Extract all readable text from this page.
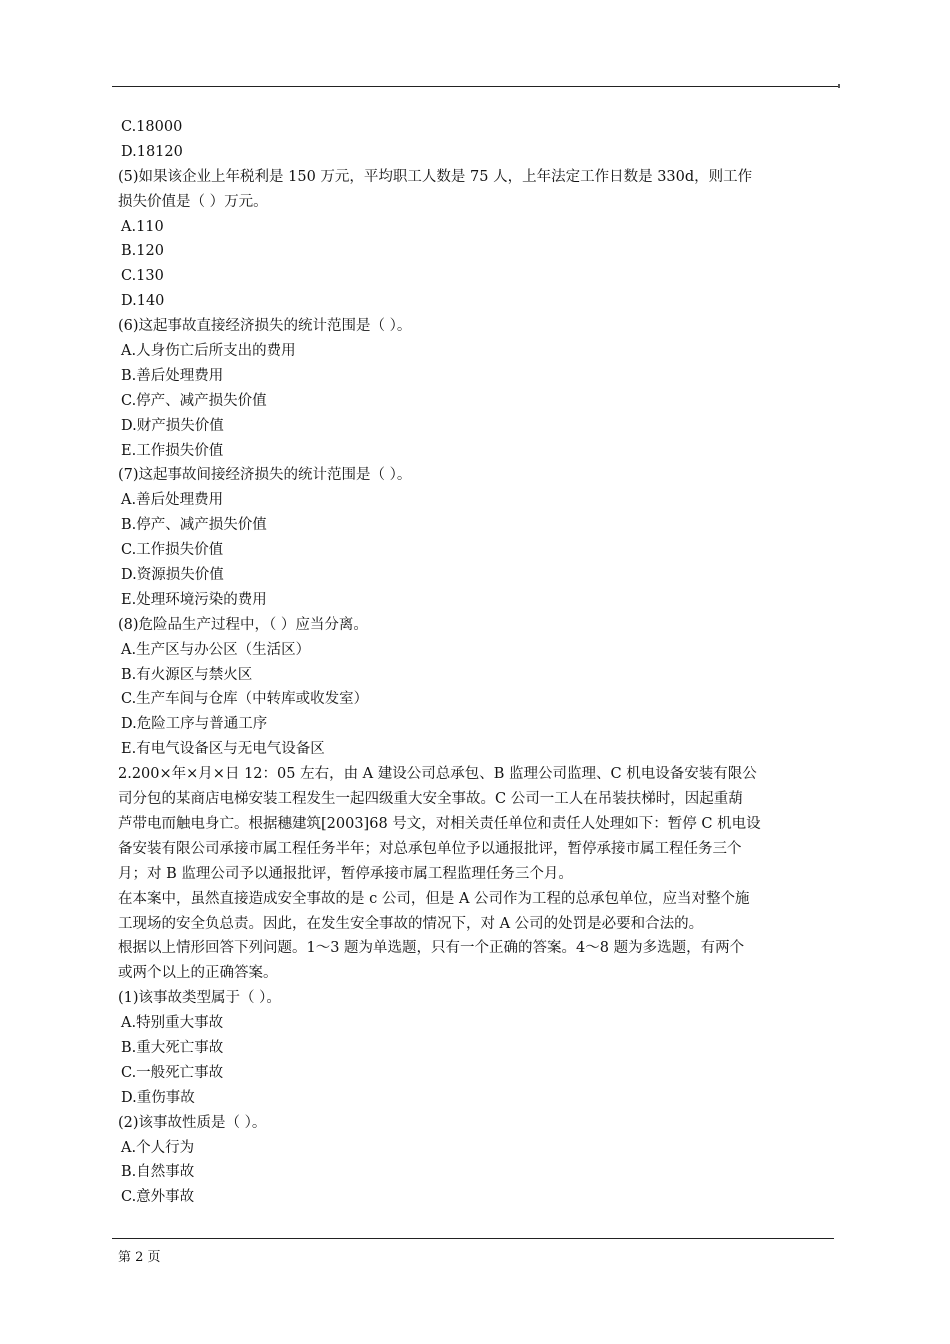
C.18000
D.18120
(5)如果该企业上年税利是 150 万元，平均职工人数是 75 人，上年法定工作日数是 330d，则工作
损失价值是（ ）万元。
A.110
B.120
C.130
D.140
(6)这起事故直接经济损失的统计范围是（ ）。
A.人身伤亡后所支出的费用
B.善后处理费用
C.停产、减产损失价值
D.财产损失价值
E.工作损失价值
(7)这起事故间接经济损失的统计范围是（ ）。
A.善后处理费用
B.停产、减产损失价值
C.工作损失价值
D.资源损失价值
E.处理环境污染的费用
(8)危险品生产过程中，（ ）应当分离。
A.生产区与办公区（生活区）
B.有火源区与禁火区
C.生产车间与仓库（中转库或收发室）
D.危险工序与普通工序
E.有电气设备区与无电气设备区
2.200×年×月×日 12：05 左右，由 A 建设公司总承包、B 监理公司监理、C 机电设备安装有限公
司分包的某商店电梯安装工程发生一起四级重大安全事故。C 公司一工人在吊装扶梯时，因起重葫
芦带电而触电身亡。根据穗建筑[2003]68 号文，对相关责任单位和责任人处理如下：暂停 C 机电设
备安装有限公司承接市属工程任务半年；对总承包单位予以通报批评，暂停承接市属工程任务三个
月；对 B 监理公司予以通报批评，暂停承接市属工程监理任务三个月。
在本案中，虽然直接造成安全事故的是 c 公司，但是 A 公司作为工程的总承包单位，应当对整个施
工现场的安全负总责。因此，在发生安全事故的情况下，对 A 公司的处罚是必要和合法的。
根据以上情形回答下列问题。1～3 题为单选题，只有一个正确的答案。4～8 题为多选题，有两个
或两个以上的正确答案。
(1)该事故类型属于（ ）。
A.特别重大事故
B.重大死亡事故
C.一般死亡事故
D.重伤事故
(2)该事故性质是（ ）。
A.个人行为
B.自然事故
C.意外事故
第 2 页
